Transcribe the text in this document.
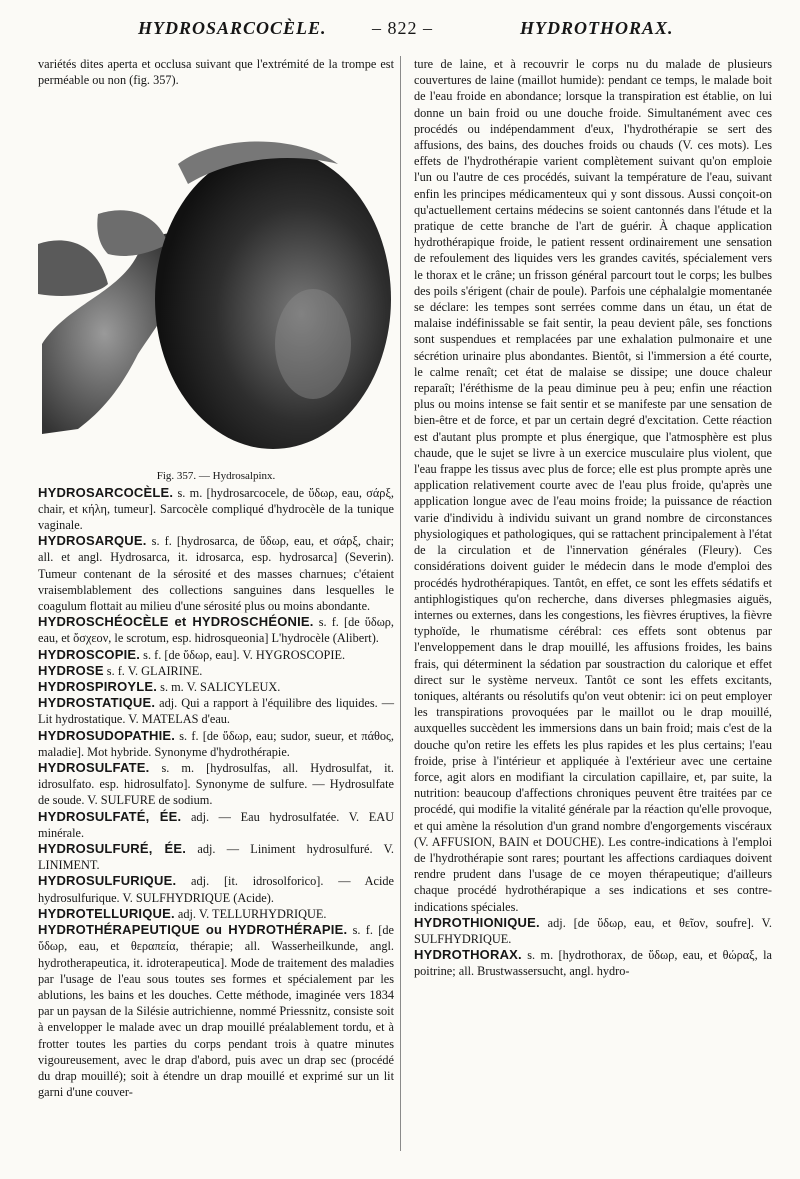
HYDROSARCOCÈLE.	– 822 –	HYDROTHORAX.

variétés dites aperta et occlusa suivant que l'extrémité de la trompe est perméable ou non (fig. 357).

Fig. 357. — Hydrosalpinx.

HYDROSARCOCÈLE. s. m. [hydrosarcocele, de ὕδωρ, eau, σάρξ, chair, et κήλη, tumeur]. Sarcocèle compliqué d'hydrocèle de la tunique vaginale.

HYDROSARQUE. s. f. [hydrosarca, de ὕδωρ, eau, et σάρξ, chair; all. et angl. Hydrosarca, it. idrosarca, esp. hydrosarca] (Severin). Tumeur contenant de la sérosité et des masses charnues; c'étaient vraisemblablement des collections sanguines dans lesquelles le coagulum flottait au milieu d'une sérosité plus ou moins abondante.

HYDROSCHÉOCÈLE et HYDROSCHÉONIE. s. f. [de ὕδωρ, eau, et ὄσχεον, le scrotum, esp. hidrosqueonia] L'hydrocèle (Alibert).

HYDROSCOPIE. s. f. [de ὕδωρ, eau]. V. HYGROSCOPIE.

HYDROSE s. f. V. GLAIRINE.

HYDROSPIROYLE. s. m. V. SALICYLEUX.

HYDROSTATIQUE. adj. Qui a rapport à l'équilibre des liquides. — Lit hydrostatique. V. MATELAS d'eau.

HYDROSUDOPATHIE. s. f. [de ὕδωρ, eau; sudor, sueur, et πάθος, maladie]. Mot hybride. Synonyme d'hydrothérapie.

HYDROSULFATE. s. m. [hydrosulfas, all. Hydrosulfat, it. idrosulfato. esp. hidrosulfato]. Synonyme de sulfure. — Hydrosulfate de soude. V. SULFURE de sodium.

HYDROSULFATÉ, ÉE. adj. — Eau hydrosulfatée. V. EAU minérale.

HYDROSULFURÉ, ÉE. adj. — Liniment hydrosulfuré. V. LINIMENT.

HYDROSULFURIQUE. adj. [it. idrosolforico]. — Acide hydrosulfurique. V. SULFHYDRIQUE (Acide).

HYDROTELLURIQUE. adj. V. TELLURHYDRIQUE.

HYDROTHÉRAPEUTIQUE ou HYDROTHÉRAPIE. s. f. [de ὕδωρ, eau, et θεραπεία, thérapie; all. Wasserheilkunde, angl. hydrotherapeutica, it. idroterapeutica]. Mode de traitement des maladies par l'usage de l'eau sous toutes ses formes et spécialement par les ablutions, les bains et les douches. Cette méthode, imaginée vers 1834 par un paysan de la Silésie autrichienne, nommé Priessnitz, consiste soit à envelopper le malade avec un drap mouillé préalablement tordu, et à frotter toutes les parties du corps pendant trois à quatre minutes vigoureusement, avec le drap d'abord, puis avec un drap sec (procédé du drap mouillé); soit à étendre un drap mouillé et exprimé sur un lit garni d'une couver-

ture de laine, et à recouvrir le corps nu du malade de plusieurs couvertures de laine (maillot humide): pendant ce temps, le malade boit de l'eau froide en abondance; lorsque la transpiration est établie, on lui donne un bain froid ou une douche froide. Simultanément avec ces procédés ou indépendamment d'eux, l'hydrothérapie se sert des affusions, des bains, des douches froids ou chauds (V. ces mots). Les effets de l'hydrothérapie varient complètement suivant qu'on emploie l'un ou l'autre de ces procédés, suivant la température de l'eau, suivant enfin les principes médicamenteux qui y sont dissous. Aussi conçoit-on qu'actuellement certains médecins se soient cantonnés dans l'étude et la pratique de cette branche de l'art de guérir. À chaque application hydrothérapique froide, le patient ressent ordinairement une sensation de refoulement des liquides vers les grandes cavités, spécialement vers le thorax et le crâne; un frisson général parcourt tout le corps; les bulbes des poils s'érigent (chair de poule). Parfois une céphalalgie momentanée se déclare: les tempes sont serrées comme dans un étau, un état de malaise indéfinissable se fait sentir, la peau devient pâle, ses fonctions sont suspendues et remplacées par une exhalation pulmonaire et une sécrétion urinaire plus abondantes. Bientôt, si l'immersion a été courte, le calme renaît; cet état de malaise se dissipe; une douce chaleur reparaît; l'éréthisme de la peau diminue peu à peu; enfin une réaction plus ou moins intense se fait sentir et se manifeste par une sensation de bien-être et de force, et par un certain degré d'excitation. Cette réaction est d'autant plus prompte et plus énergique, que l'atmosphère est plus chaude, que le sujet se livre à un exercice musculaire plus violent, que l'eau frappe les tissus avec plus de force; elle est plus prompte après une application relativement courte avec de l'eau plus froide, qu'après une application longue avec de l'eau moins froide; la puissance de réaction varie d'individu à individu suivant un grand nombre de circonstances physiologiques et pathologiques, qui se rattachent principalement à l'état de la circulation et de l'innervation générales (Fleury). Ces considérations doivent guider le médecin dans le mode d'emploi des procédés hydrothérapiques. Tantôt, en effet, ce sont les effets sédatifs et antiphlogistiques qu'on recherche, dans diverses phlegmasies aiguës, internes ou externes, dans les congestions, les fièvres éruptives, la fièvre typhoïde, le rhumatisme cérébral: ces effets sont obtenus par l'enveloppement dans le drap mouillé, les affusions froides, les bains frais, qui déterminent la sédation par soustraction du calorique et effet direct sur le système nerveux. Tantôt ce sont les effets excitants, toniques, altérants ou résolutifs qu'on veut obtenir: ici on peut employer les transpirations provoquées par le maillot ou le drap mouillé, auxquelles succèdent les immersions dans un bain froid; mais c'est de la douche qu'on retire les effets les plus rapides et les plus certains; l'eau froide, prise à l'intérieur et appliquée à l'extérieur avec une certaine force, agit alors en modifiant la circulation capillaire, et, par suite, la nutrition: beaucoup d'affections chroniques peuvent être traitées par ce procédé, qui modifie la vitalité générale par la réaction qu'elle provoque, et qui amène la résolution d'un grand nombre d'engorgements viscéraux (V. AFFUSION, BAIN et DOUCHE). Les contre-indications à l'emploi de l'hydrothérapie sont rares; pourtant les affections cardiaques doivent rendre prudent dans l'usage de ce moyen thérapeutique; d'ailleurs chaque procédé hydrothérapique a ses indications et ses contre-indications spéciales.

HYDROTHIONIQUE. adj. [de ὕδωρ, eau, et θεῖον, soufre]. V. SULFHYDRIQUE.

HYDROTHORAX. s. m. [hydrothorax, de ὕδωρ, eau, et θώραξ, la poitrine; all. Brustwassersucht, angl. hydro-
